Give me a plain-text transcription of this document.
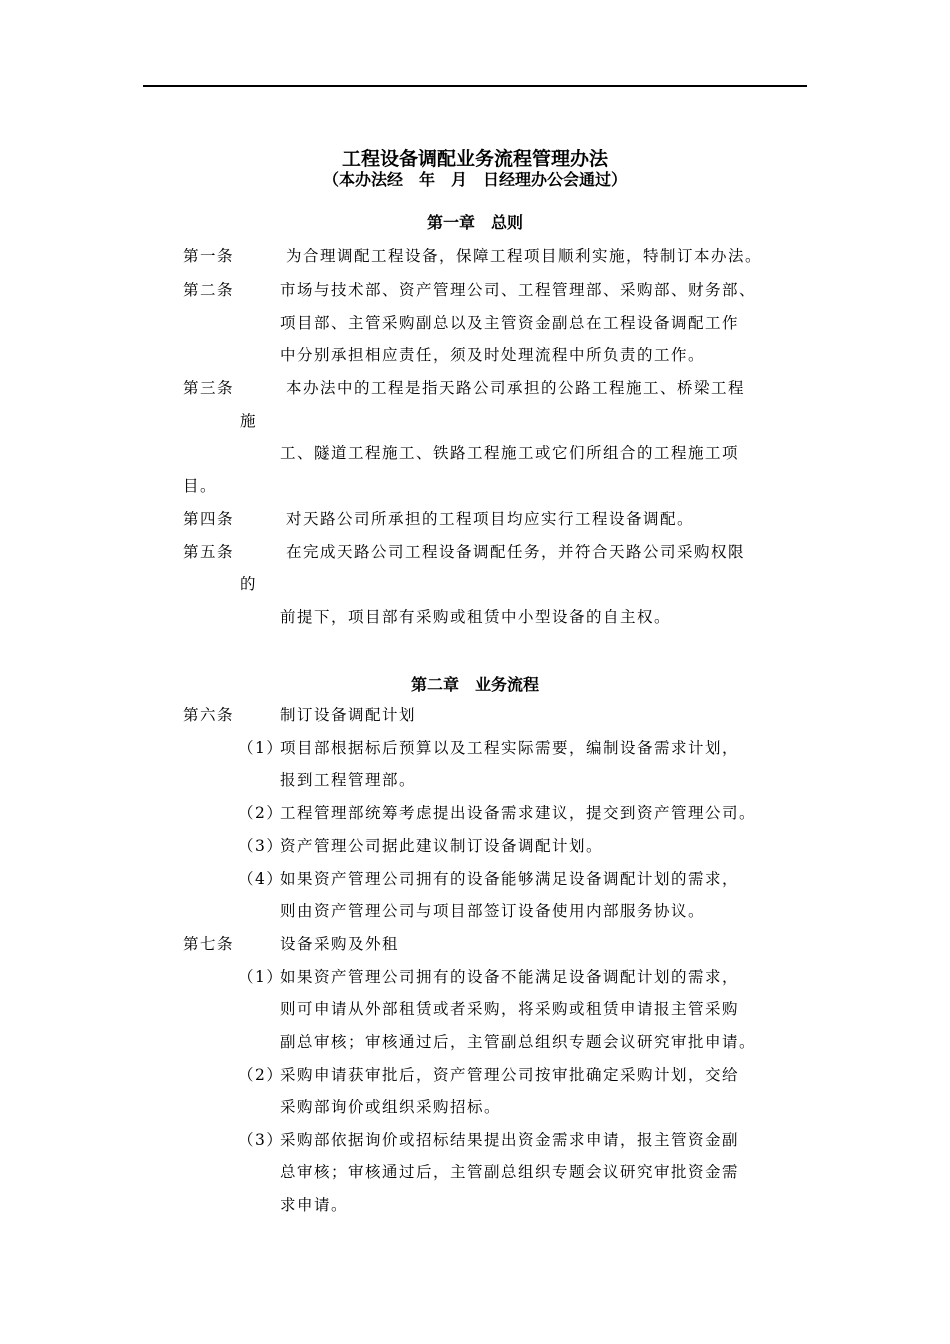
工程设备调配业务流程管理办法
（本办法经　年　月　日经理办公会通过）
第一章　总则
第一条	为合理调配工程设备，保障工程项目顺利实施，特制订本办法。
第二条	市场与技术部、资产管理公司、工程管理部、采购部、财务部、
项目部、主管采购副总以及主管资金副总在工程设备调配工作
中分别承担相应责任，须及时处理流程中所负责的工作。
第三条	本办法中的工程是指天路公司承担的公路工程施工、桥梁工程
施
工、隧道工程施工、铁路工程施工或它们所组合的工程施工项
目。
第四条	对天路公司所承担的工程项目均应实行工程设备调配。
第五条	在完成天路公司工程设备调配任务，并符合天路公司采购权限
的
前提下，项目部有采购或租赁中小型设备的自主权。
第二章　业务流程
第六条	制订设备调配计划
（1）
项目部根据标后预算以及工程实际需要，编制设备需求计划，
报到工程管理部。
（2）
工程管理部统筹考虑提出设备需求建议，提交到资产管理公司。
（3）
资产管理公司据此建议制订设备调配计划。
（4）
如果资产管理公司拥有的设备能够满足设备调配计划的需求，
则由资产管理公司与项目部签订设备使用内部服务协议。
第七条	设备采购及外租
（1）
如果资产管理公司拥有的设备不能满足设备调配计划的需求，
则可申请从外部租赁或者采购，将采购或租赁申请报主管采购
副总审核；审核通过后，主管副总组织专题会议研究审批申请。
（2）
采购申请获审批后，资产管理公司按审批确定采购计划，交给
采购部询价或组织采购招标。
（3）
采购部依据询价或招标结果提出资金需求申请，报主管资金副
总审核；审核通过后，主管副总组织专题会议研究审批资金需
求申请。
